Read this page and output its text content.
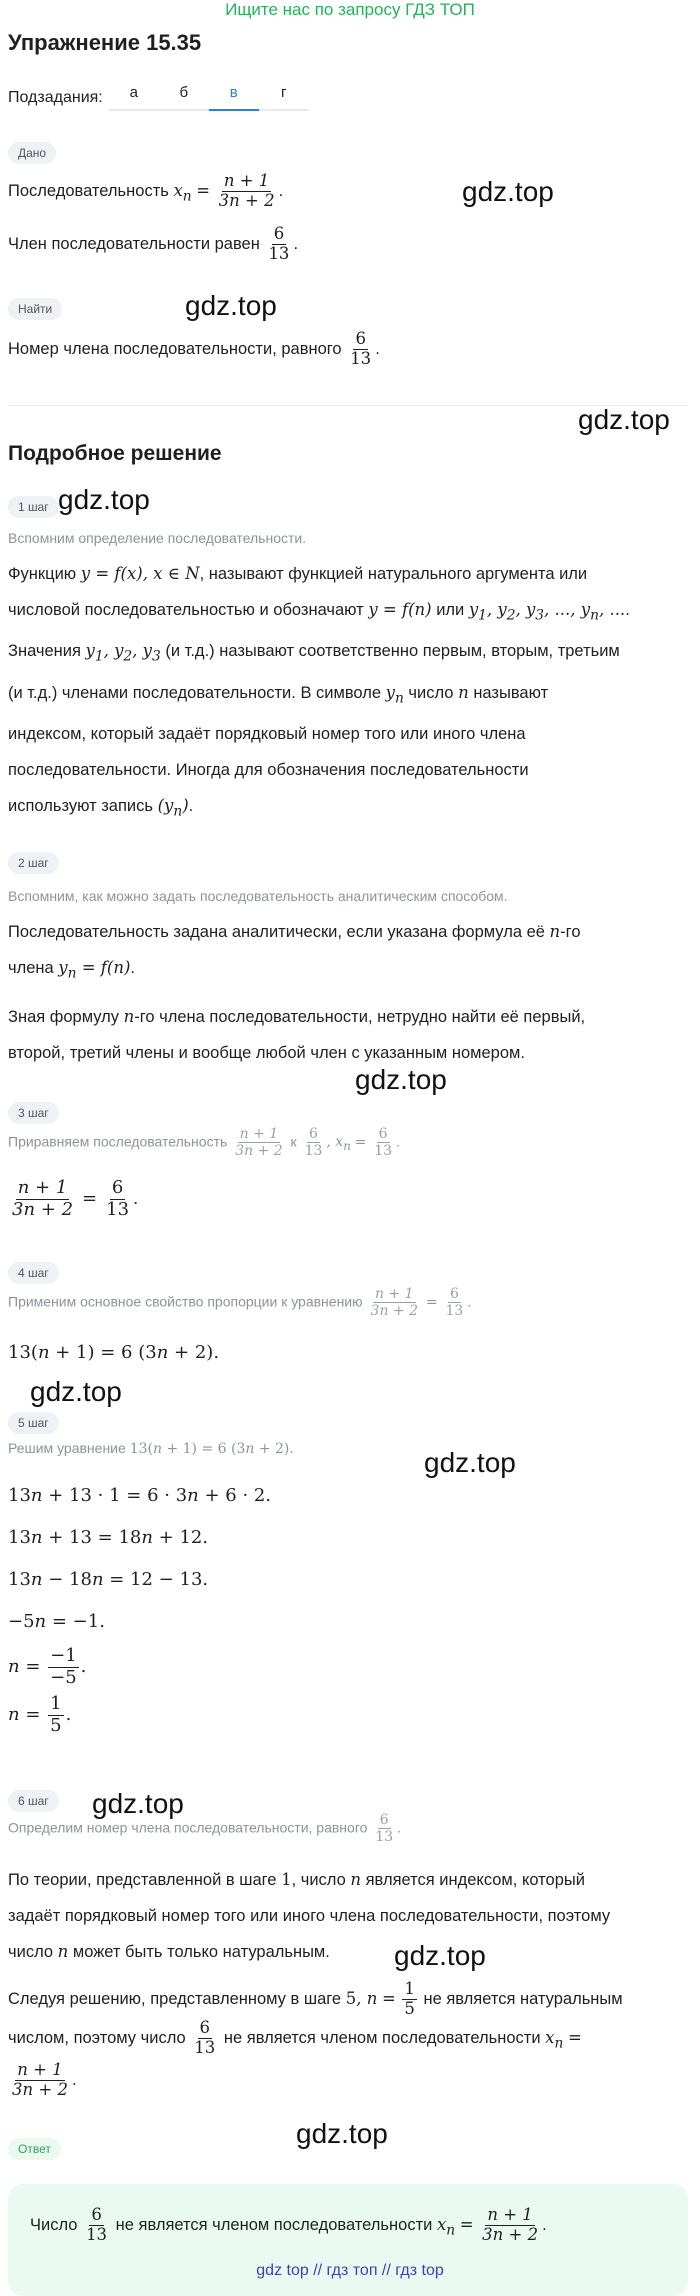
Ищите нас по запросу ГДЗ ТОП
Упражнение 15.35
Подзадания:	а	б	в	г
Дано
Последовательность $x_n = \frac{n + 1}{3n + 2}$ .
Член последовательности равен $\frac{6}{13}$ .
Найти
Номер члена последовательности, равного $\frac{6}{13}$ .
Подробное решение
1 шаг
Вспомним определение последовательности.
Функцию y = f(x), x ∈ N, называют функцией натурального аргумента или
числовой последовательностью и обозначают y = f(n) или $y_1$, $y_2$, $y_3$, ..., $y_n$, ....
Значения $y_1$, $y_2$, $y_3$ (и т.д.) называют соответственно первым, вторым, третьим
(и т.д.) членами последовательности. В символе $y_n$ число n называют
индексом, который задаёт порядковый номер того или иного члена
последовательности. Иногда для обозначения последовательности
используют запись $(y_n)$.
2 шаг
Вспомним, как можно задать последовательность аналитическим способом.
Последовательность задана аналитически, если указана формула её n-го
члена $y_n = f(n)$.
Зная формулу n-го члена последовательности, нетрудно найти её первый,
второй, третий члены и вообще любой член с указанным номером.
3 шаг
Приравняем последовательность $\frac{n + 1}{3n + 2}$ к $\frac{6}{13}$ , $x_n = \frac{6}{13}$ .
$\frac{n + 1}{3n + 2} = \frac{6}{13}$ .
4 шаг
Применим основное свойство пропорции к уравнению $\frac{n + 1}{3n + 2} = \frac{6}{13}$ .
13(n + 1) = 6 (3n + 2).
5 шаг
Решим уравнение 13(n + 1) = 6 (3n + 2).
13n + 13 · 1 = 6 · 3n + 6 · 2.
13n + 13 = 18n + 12.
13n − 18n = 12 − 13.
−5n = −1.
$n = \frac{-1}{-5}$ .
$n = \frac{1}{5}$ .
6 шаг
Определим номер члена последовательности, равного $\frac{6}{13}$ .
По теории, представленной в шаге 1, число n является индексом, который
задаёт порядковый номер того или иного члена последовательности, поэтому
число n может быть только натуральным.
Следуя решению, представленному в шаге 5, $n = \frac{1}{5}$ не является натуральным
числом, поэтому число $\frac{6}{13}$ не является членом последовательности $x_n$ =
$\frac{n + 1}{3n + 2}$ .
Ответ
Число $\frac{6}{13}$ не является членом последовательности $x_n = \frac{n + 1}{3n + 2}$ .
gdz.top
gdz.top
gdz.top
gdz.top
gdz.top
gdz.top
gdz.top
gdz.top
gdz.top
gdz.top
gdz top // гдз топ // гдз top
